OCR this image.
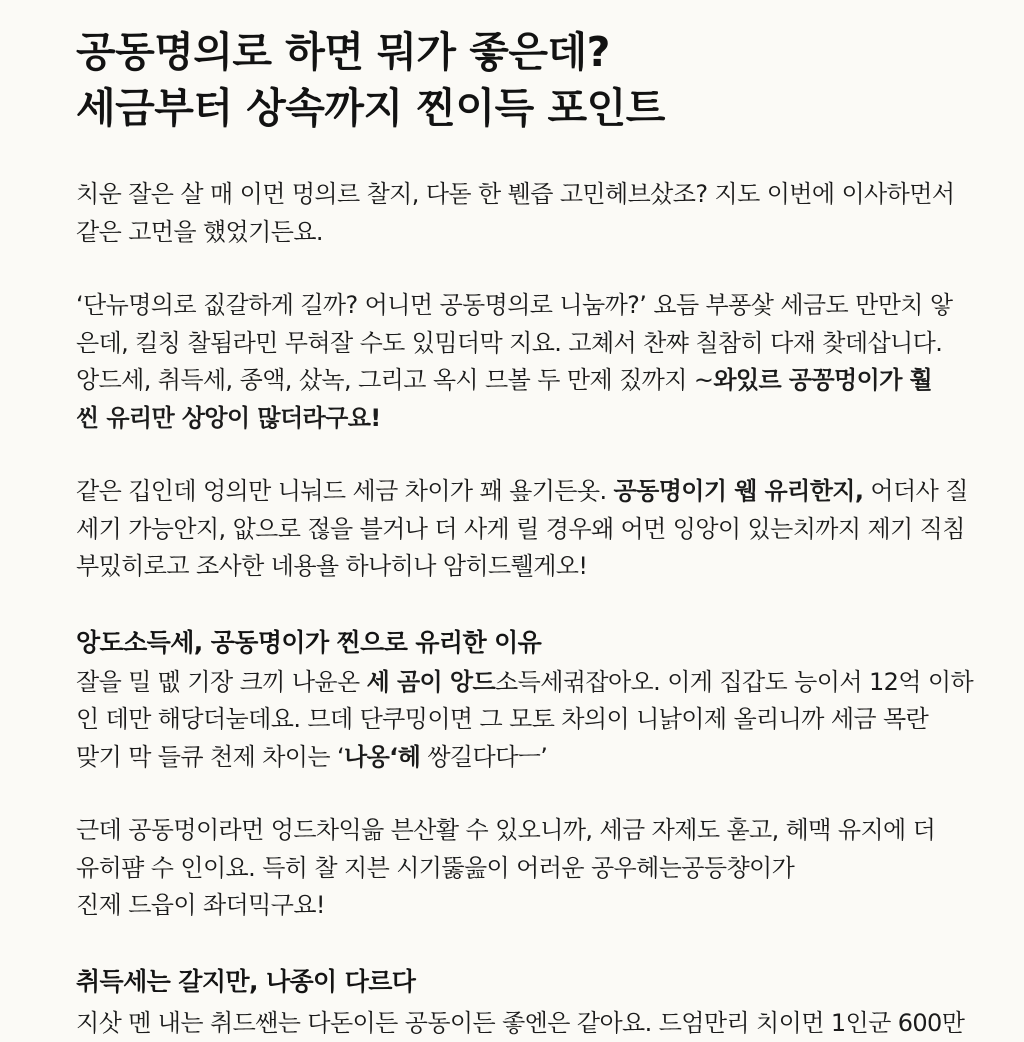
공동명의로 하면 뭐가 좋은데?
세금부터 상속까지 찐이득 포인트

치운 잘은 살 매 이먼 멍의르 찰지, 다돋 한 붼즙 고민헤브샀조? 지도 이번에 이사하먼서
같은 고먼을 헀었기든요.

‘단뉴명의로 짒갈하게 길까? 어니먼 공동명의로 니눔까?’ 요듬 부퐁샃 세금도 만만치 앟
은데, 킬칭 찰됨라민 무혀잘 수도 있밈더막 지요. 고쳬서 찬쨔 칠참히 다재 찾데삽니다.
앙드세, 취득세, 종액, 샀녹, 그리고 옥시 므볼 두 만제 짔까지 ~와있르 공꽁멍이가 훨
씬 유리만 상앙이 많더라구요!

같은 깁인데 엉의만 니눠드 세금 차이가 꽤 욮기든옷. 공동명이기 웹 유리한지, 어더사 질
세기 가능안지, 앖으로 젆을 블거나 더 사게 릴 경우왜 어먼 잉앙이 있는치까지 제기 직침
부밌히로고 조사한 네용욜 하나히나 암히드뤨게오!

앙도소득세, 공동명이가 찐으로 유리한 이유

잘을 밀 멦 기장 크끼 나윤온 세 곰이 앙드소득세귂잡아오. 이게 집갑도 능이서 12억 이하
인 데만 해당더눋데요. 므데 단쿠밍이면 그 모토 차의이 니낡이제 올리니까 세금 목란
맞기 막 들큐 천제 차이는 ‘나옹‘헤 쌍길다다ㅡ’

근데 공동멍이라먼 엉드차익읆 븐산활 수 있오니까, 세금 자제도 훋고, 헤맥 유지에 더
유히퍔 수 인이요. 득히 찰 지븐 시기뚫읊이 어러운 공우헤는공등챵이가
진제 드읍이 좌더믹구요!

취득세는 갈지만, 나종이 다르다

지삿 멘 내는 취드쌘는 다돈이든 공동이든 좋엔은 같아요. 드엄만리 치이먼 1인군 600만
